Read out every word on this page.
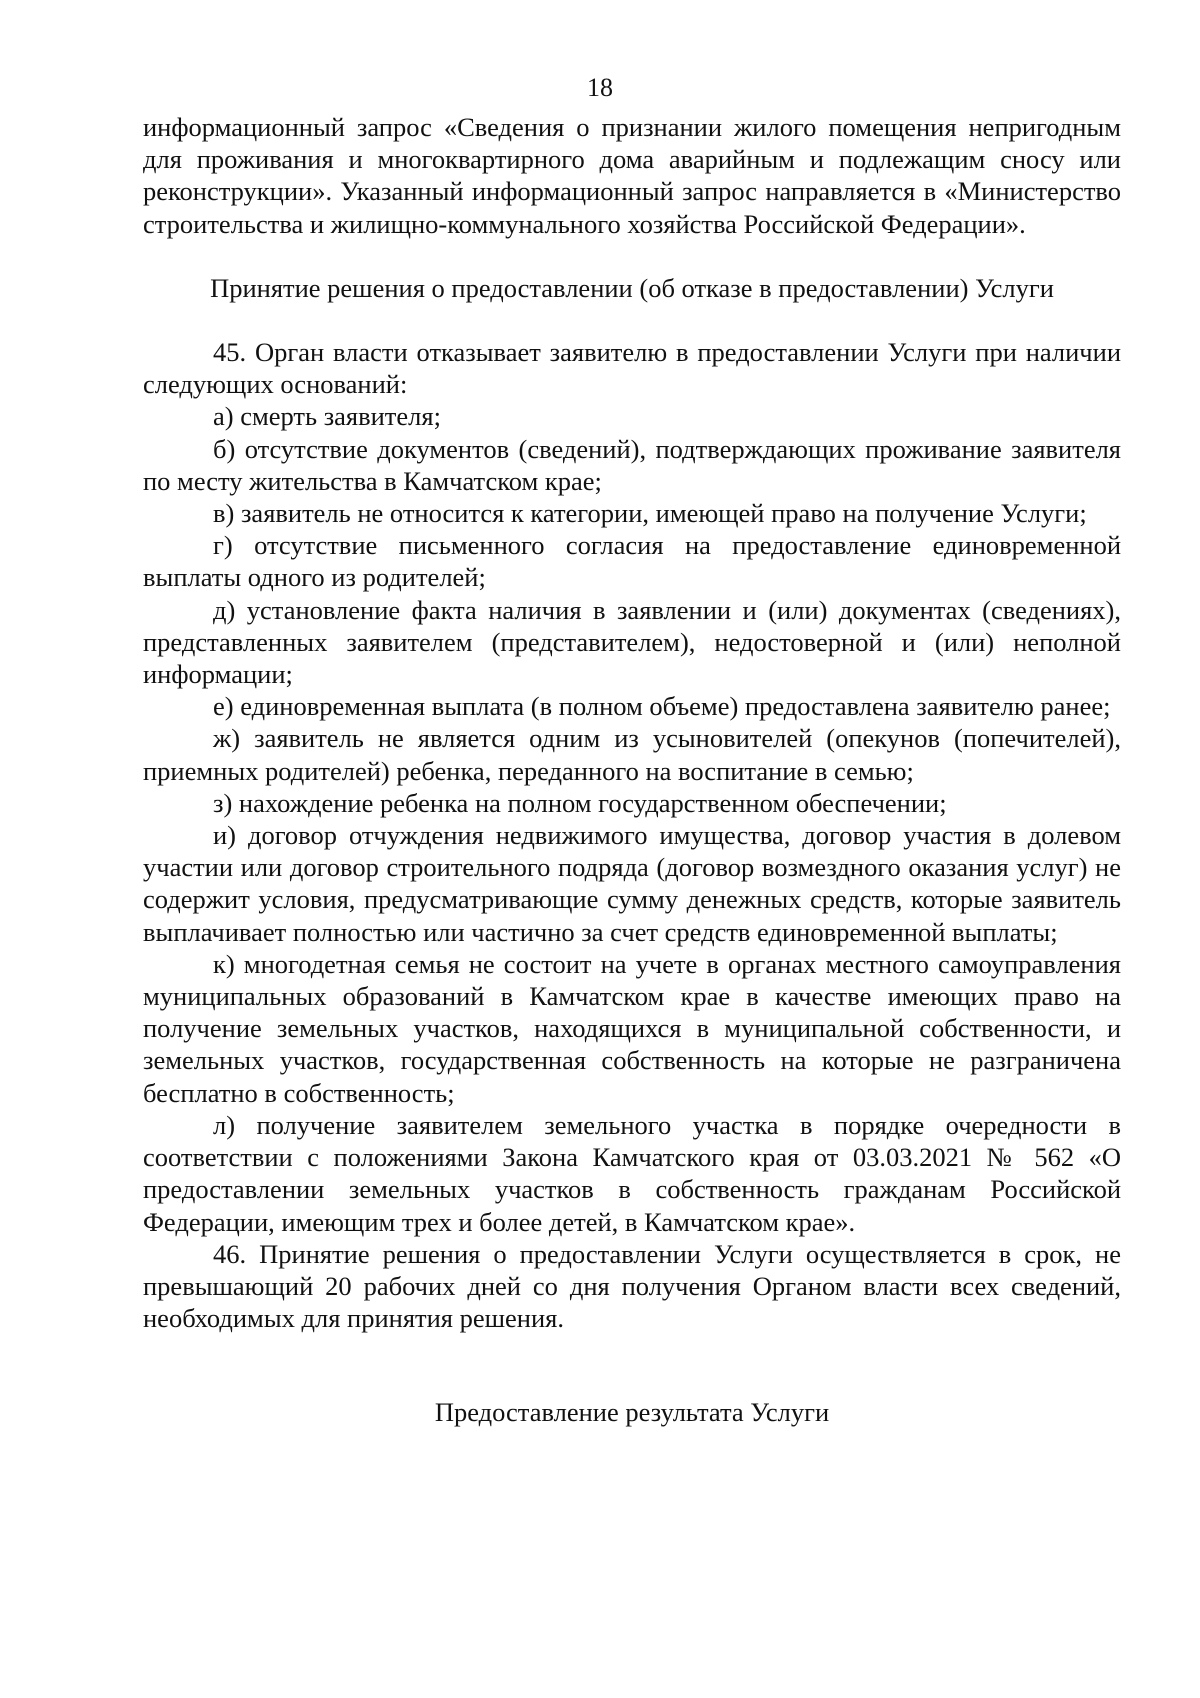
18

информационный запрос «Сведения о признании жилого помещения непригодным для проживания и многоквартирного дома аварийным и подлежащим сносу или реконструкции». Указанный информационный запрос направляется в «Министерство строительства и жилищно-коммунального хозяйства Российской Федерации».

Принятие решения о предоставлении (об отказе в предоставлении) Услуги

45. Орган власти отказывает заявителю в предоставлении Услуги при наличии следующих оснований:

а) смерть заявителя;

б) отсутствие документов (сведений), подтверждающих проживание заявителя по месту жительства в Камчатском крае;

в) заявитель не относится к категории, имеющей право на получение Услуги;

г) отсутствие письменного согласия на предоставление единовременной выплаты одного из родителей;

д) установление факта наличия в заявлении и (или) документах (сведениях), представленных заявителем (представителем), недостоверной и (или) неполной информации;

е) единовременная выплата (в полном объеме) предоставлена заявителю ранее;

ж) заявитель не является одним из усыновителей (опекунов (попечителей), приемных родителей) ребенка, переданного на воспитание в семью;

з) нахождение ребенка на полном государственном обеспечении;

и) договор отчуждения недвижимого имущества, договор участия в долевом участии или договор строительного подряда (договор возмездного оказания услуг) не содержит условия, предусматривающие сумму денежных средств, которые заявитель выплачивает полностью или частично за счет средств единовременной выплаты;

к) многодетная семья не состоит на учете в органах местного самоуправления муниципальных образований в Камчатском крае в качестве имеющих право на получение земельных участков, находящихся в муниципальной собственности, и земельных участков, государственная собственность на которые не разграничена бесплатно в собственность;

л) получение заявителем земельного участка в порядке очередности в соответствии с положениями Закона Камчатского края от 03.03.2021 № 562 «О предоставлении земельных участков в собственность гражданам Российской Федерации, имеющим трех и более детей, в Камчатском крае».

46. Принятие решения о предоставлении Услуги осуществляется в срок, не превышающий 20 рабочих дней со дня получения Органом власти всех сведений, необходимых для принятия решения.

Предоставление результата Услуги
